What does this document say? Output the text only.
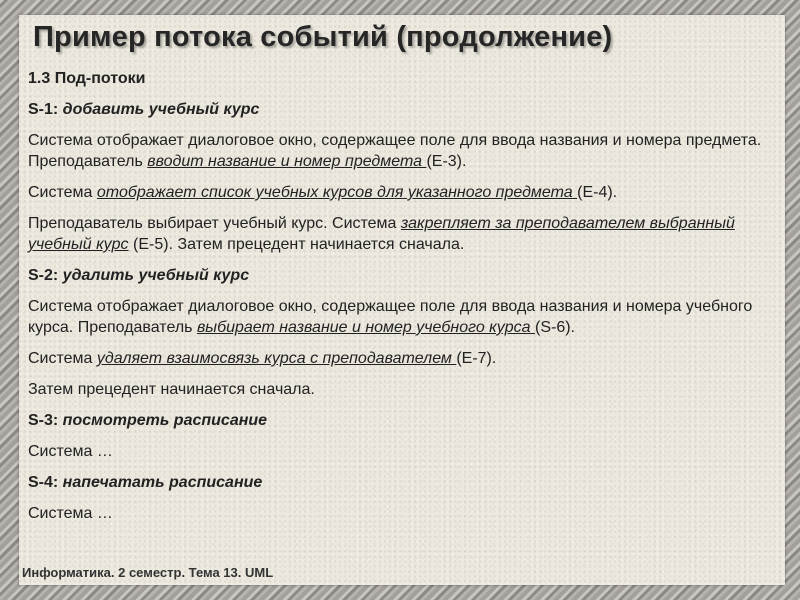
Пример потока событий (продолжение)

1.3 Под-потоки

S-1: добавить учебный курс

Система отображает диалоговое окно, содержащее поле для ввода названия и номера предмета. Преподаватель вводит название и номер предмета (E-3).

Система отображает список учебных курсов для указанного предмета (E-4).

Преподаватель выбирает учебный курс. Система закрепляет за преподавателем выбранный учебный курс (E-5). Затем прецедент начинается сначала.

S-2: удалить учебный курс

Система отображает диалоговое окно, содержащее поле для ввода названия и номера учебного курса. Преподаватель выбирает название и номер учебного курса (S-6).

Система удаляет взаимосвязь курса с преподавателем (E-7).

Затем прецедент начинается сначала.

S-3: посмотреть расписание

Система …

S-4: напечатать расписание

Система …

Информатика. 2 семестр. Тема 13. UML
